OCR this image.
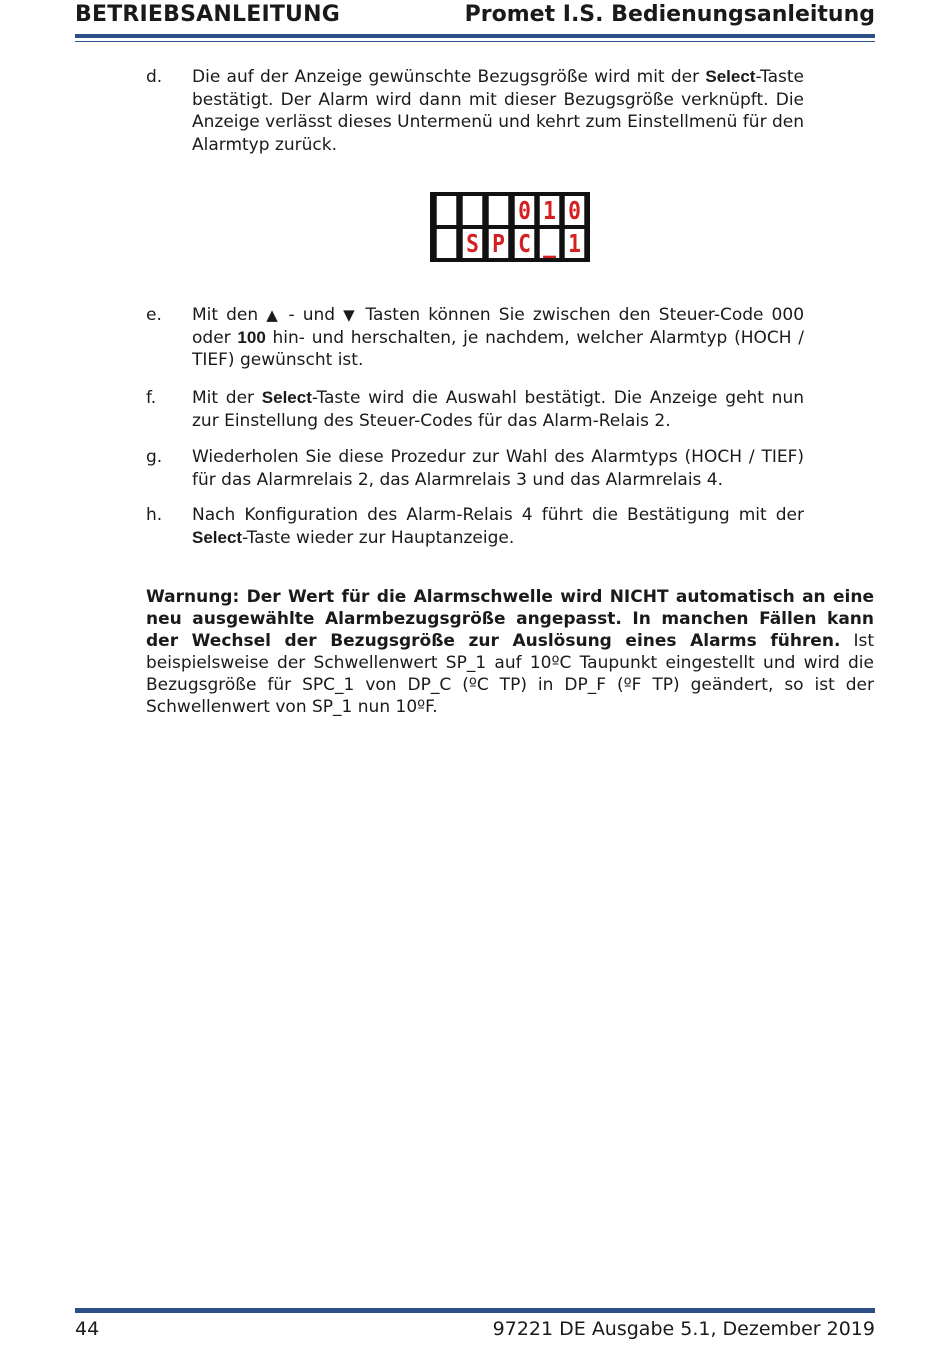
BETRIEBSANLEITUNG	Promet I.S. Bedienungsanleitung
d. Die auf der Anzeige gewünschte Bezugsgröße wird mit der Select-Taste bestätigt. Der Alarm wird dann mit dieser Bezugsgröße verknüpft. Die Anzeige verlässt dieses Untermenü und kehrt zum Einstellmenü für den Alarmtyp zurück.
0 1 0
S P C _ 1
e. Mit den ▲ - und ▼ Tasten können Sie zwischen den Steuer-Code 000 oder 100 hin- und herschalten, je nachdem, welcher Alarmtyp (HOCH / TIEF) gewünscht ist.
f. Mit der Select-Taste wird die Auswahl bestätigt. Die Anzeige geht nun zur Einstellung des Steuer-Codes für das Alarm-Relais 2.
g. Wiederholen Sie diese Prozedur zur Wahl des Alarmtyps (HOCH / TIEF) für das Alarmrelais 2, das Alarmrelais 3 und das Alarmrelais 4.
h. Nach Konfiguration des Alarm-Relais 4 führt die Bestätigung mit der Select-Taste wieder zur Hauptanzeige.
Warnung: Der Wert für die Alarmschwelle wird NICHT automatisch an eine neu ausgewählte Alarmbezugsgröße angepasst. In manchen Fällen kann der Wechsel der Bezugsgröße zur Auslösung eines Alarms führen. Ist beispielsweise der Schwellenwert SP_1 auf 10ºC Taupunkt eingestellt und wird die Bezugsgröße für SPC_1 von DP_C (ºC TP) in DP_F (ºF TP) geändert, so ist der Schwellenwert von SP_1 nun 10ºF.
44	97221 DE Ausgabe 5.1, Dezember 2019
